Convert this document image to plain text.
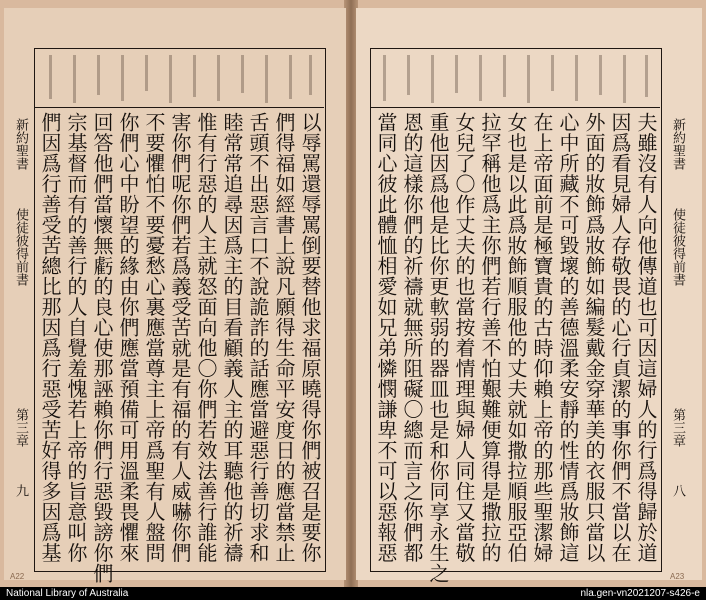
新約聖書
使徒彼得前書
第三章
九 們因爲行善受苦總比那因爲行惡受苦好得多因爲基 宗基督而有的善行的人自覺羞愧若上帝的旨意叫你 回答他們當懷無虧的良心使那誣賴你們行惡毀謗你們 你們心中盼望的緣由你們應當預備可用溫柔畏懼來 不要懼怕不要憂愁心裏應當尊主上帝爲聖有人盤問 害你們呢你們若爲義受苦就是有福的有人威嚇你們 惟有行惡的人主就怒面向他〇你們若效法善行誰能 睦常常追尋因爲主的目看顧義人主的耳聽他的祈禱 舌頭不出惡言口不說詭詐的話應當避惡行善切求和 們得福如經書上說凡願得生命平安度日的應當禁止 以辱罵還辱罵倒要替他求福原曉得你們被召是要你
A22
當同心彼此體恤相愛如兄弟憐憫謙卑不可以惡報惡 恩的這樣你們的祈禱就無所阻礙〇總而言之你們都 重他因爲他是比你更軟弱的器皿也是和你同享永生之 女兒了〇作丈夫的也當按着情理與婦人同住又當敬 拉罕稱他爲主你們若行善不怕艱難便算得是撒拉的 女也是以此爲妝飾順服他的丈夫就如撒拉順服亞伯 在上帝面前是極寶貴的古時仰賴上帝的那些聖潔婦 心中所藏不可毀壞的善德溫柔安靜的性情爲妝飾這 外面的妝飾爲妝飾如編髮戴金穿華美的衣服只當以 因爲看見婦人存敬畏的心行貞潔的事你們不當以在 夫雖沒有人向他傳道也可因這婦人的行爲得歸於道 新約聖書
使徒彼得前書
第三章
八
A23
National Library of Australia	nla.gen-vn2021207-s426-e
